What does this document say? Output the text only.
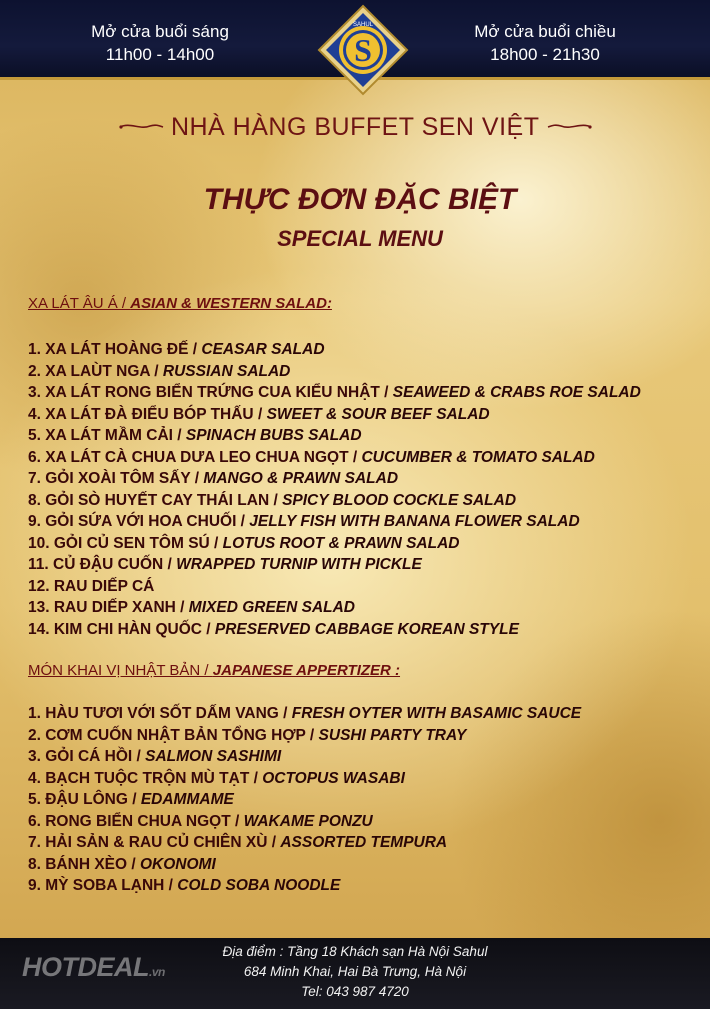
Mở cửa buổi sáng
11h00 - 14h00
Mở cửa buổi chiều
18h00 - 21h30
S
SAHUL
NHÀ HÀNG BUFFET SEN VIỆT
THỰC ĐƠN ĐẶC BIỆT
SPECIAL MENU
XA LÁT ÂU Á / ASIAN & WESTERN SALAD:
1. XA LÁT HOÀNG ĐẾ / CEASAR SALAD
2. XA LAÙT NGA / RUSSIAN SALAD
3. XA LÁT RONG BIỂN TRỨNG CUA KIỂU NHẬT / SEAWEED & CRABS ROE SALAD
4. XA LÁT ĐÀ ĐIỂU BÓP THẤU / SWEET & SOUR BEEF SALAD
5. XA LÁT MẦM CẢI / SPINACH BUBS SALAD
6. XA LÁT CÀ CHUA DƯA LEO CHUA NGỌT / CUCUMBER & TOMATO SALAD
7. GỎI XOÀI TÔM SẤY / MANGO & PRAWN SALAD
8. GỎI SÒ HUYẾT CAY THÁI LAN / SPICY BLOOD COCKLE SALAD
9. GỎI SỨA VỚI HOA CHUỐI / JELLY FISH WITH BANANA FLOWER SALAD
10. GỎI CỦ SEN TÔM SÚ / LOTUS ROOT & PRAWN SALAD
11. CỦ ĐẬU CUỐN / WRAPPED TURNIP WITH PICKLE
12. RAU DIẾP CÁ
13. RAU DIẾP XANH / MIXED GREEN SALAD
14. KIM CHI HÀN QUỐC / PRESERVED CABBAGE KOREAN STYLE
MÓN KHAI VỊ NHẬT BẢN / JAPANESE APPERTIZER :
1. HÀU TƯƠI VỚI SỐT DẤM VANG / FRESH OYTER WITH BASAMIC SAUCE
2. CƠM CUỐN NHẬT BẢN TỔNG HỢP / SUSHI PARTY TRAY
3. GỎI CÁ HỒI / SALMON SASHIMI
4. BẠCH TUỘC TRỘN MÙ TẠT / OCTOPUS WASABI
5. ĐẬU LÔNG / EDAMMAME
6. RONG BIỂN CHUA NGỌT / WAKAME PONZU
7. HẢI SẢN & RAU CỦ CHIÊN XÙ / ASSORTED TEMPURA
8. BÁNH XÈO / OKONOMI
9. MỲ SOBA LẠNH / COLD SOBA NOODLE
HOTDEAL.vn
Địa điểm : Tầng 18 Khách sạn Hà Nội Sahul
684 Minh Khai, Hai Bà Trưng, Hà Nội
Tel: 043 987 4720
